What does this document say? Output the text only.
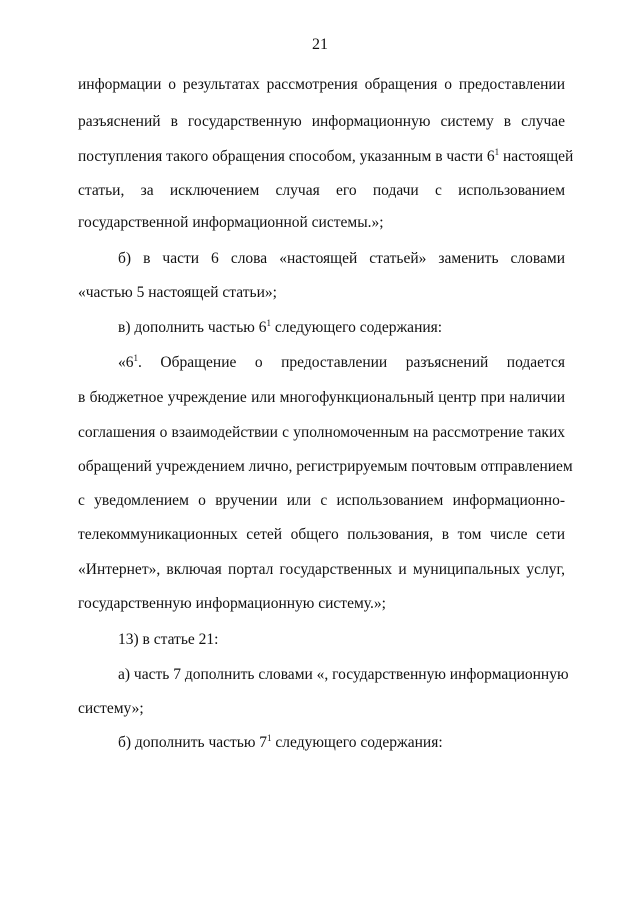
21
информации о результатах рассмотрения обращения о предоставлении
разъяснений в государственную информационную систему в случае
поступления такого обращения способом, указанным в части $6^1$ настоящей
статьи, за исключением случая его подачи с использованием
государственной информационной системы.»;
б) в части 6 слова «настоящей статьей» заменить словами
«частью 5 настоящей статьи»;
в) дополнить частью $6^1$ следующего содержания:
«$6^1$. Обращение о предоставлении разъяснений подается
в бюджетное учреждение или многофункциональный центр при наличии
соглашения о взаимодействии с уполномоченным на рассмотрение таких
обращений учреждением лично, регистрируемым почтовым отправлением
с уведомлением о вручении или с использованием информационно-
телекоммуникационных сетей общего пользования, в том числе сети
«Интернет», включая портал государственных и муниципальных услуг,
государственную информационную систему.»;
13) в статье 21:
а) часть 7 дополнить словами «, государственную информационную
систему»;
б) дополнить частью $7^1$ следующего содержания:
